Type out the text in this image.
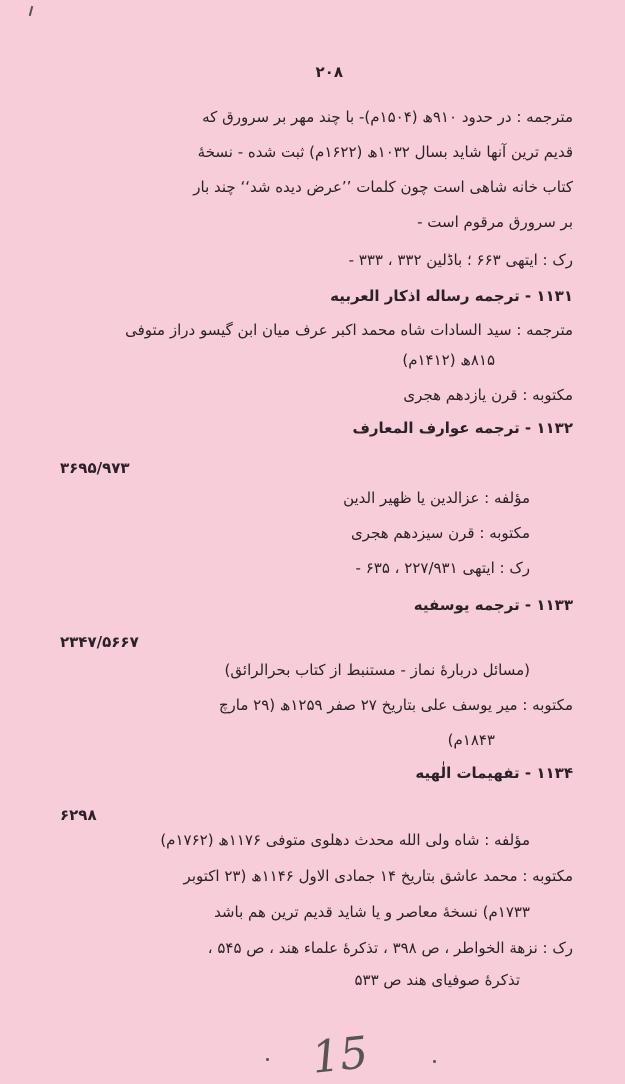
۲۰۸
مترجمه : در حدود ۹۱۰ھ (۱۵۰۴م)- با چند مهر بر سرورق که
قدیم ترین آنها شاید بسال ۱۰۳۲ھ (۱۶۲۲م) ثبت شده - نسخهٔ
کتاب خانه شاهی است چون کلمات ’’عرض دیده شد‘‘ چند بار
بر سرورق مرقوم است -
رک : ایتهی ۶۶۳ ؛ باڈلین ۳۳۲ ، ۳۳۳ -
۱۱۳۱ - ترجمه رساله اذکار العربیه
مترجمه : سید السادات شاه محمد اکبر عرف میان ابن گیسو دراز متوفی
۸۱۵ھ (۱۴۱۲م)
مکتوبه : قرن یازدهم هجری
۱۱۳۲ - ترجمه عوارف المعارف
۳۶۹۵/۹۷۳
مؤلفه : عزالدین یا ظهیر الدین
مکتوبه : قرن سیزدهم هجری
رک : ایتهی ۲۲۷/۹۳۱ ، ۶۳۵ -
۱۱۳۳ - ترجمه یوسفیه
۲۳۴۷/۵۶۶۷
(مسائل دربارهٔ نماز - مستنبط از کتاب بحرالرائق)
مکتوبه : میر یوسف علی بتاریخ ۲۷ صفر ۱۲۵۹ھ (۲۹ مارچ
۱۸۴۳م)
۱۱۳۴ - تفهیمات الٰهیه
۶۲۹۸
مؤلفه : شاه ولی الله محدث دهلوی متوفی ۱۱۷۶ھ (۱۷۶۲م)
مکتوبه : محمد عاشق بتاریخ ۱۴ جمادی الاول ۱۱۴۶ھ (۲۳ اکتوبر
۱۷۳۳م) نسخهٔ معاصر و یا شاید قدیم ترین هم باشد
رک : نزهة الخواطر ، ص ۳۹۸ ، تذکرهٔ علماء هند ، ص ۵۴۵ ،
تذکرهٔ صوفیای هند ص ۵۳۳
15
